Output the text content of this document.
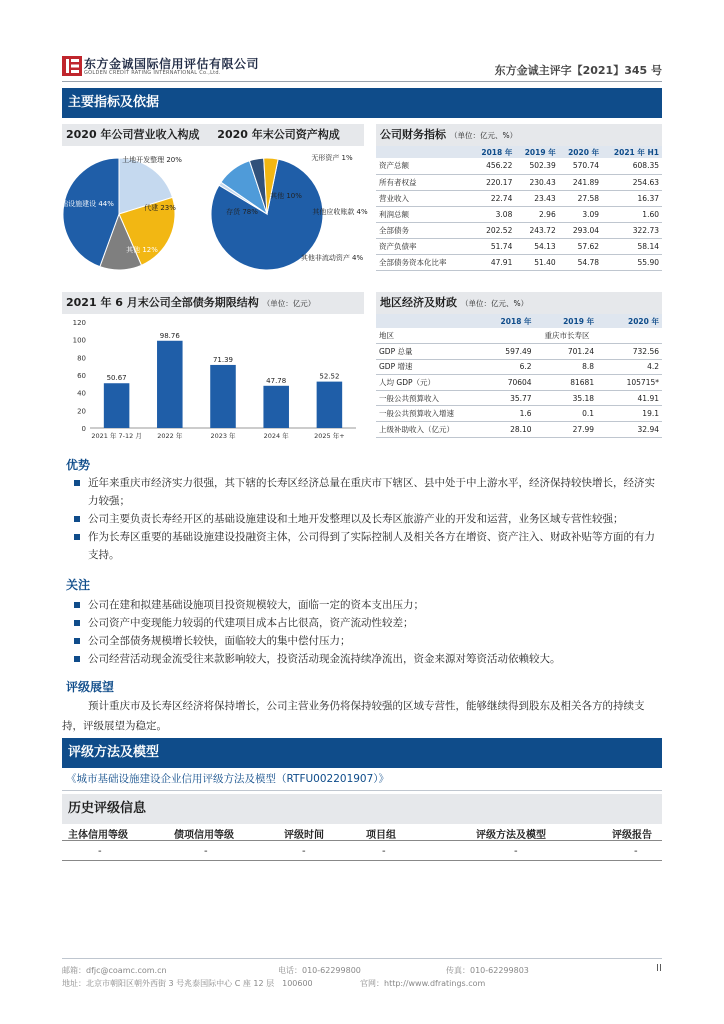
东方金诚国际信用评估有限公司
GOLDEN CREDIT RATING INTERNATIONAL Co.,Ltd.	东方金诚主评字【2021】345 号
主要指标及依据
2020 年公司营业收入构成 2020 年末公司资产构成
土地开发整理 20%
代建 23%
其他 12%
基础设施建设 44%
存货 78%
无形资产 1%
其他 10%
其他应收账款 4%
其他非流动资产 4%
公司财务指标 （单位：亿元、%）
	2018 年	2019 年	2020 年	2021 年 H1
资产总额	456.22	502.39	570.74	608.35
所有者权益	220.17	230.43	241.89	254.63
营业收入	22.74	23.43	27.58	16.37
利润总额	3.08	2.96	3.09	1.60
全部债务	202.52	243.72	293.04	322.73
资产负债率	51.74	54.13	57.62	58.14
全部债务资本化比率	47.91	51.40	54.78	55.90
2021 年 6 月末公司全部债务期限结构 （单位：亿元）
0
20
40
60
80
100
120
50.67
2021 年 7-12 月
98.76
2022 年
71.39
2023 年
47.78
2024 年
52.52
2025 年+
地区经济及财政 （单位：亿元、%）
	2018 年	2019 年	2020 年
地区	重庆市长寿区		
GDP 总量	597.49	701.24	732.56
GDP 增速	6.2	8.8	4.2
人均 GDP（元）	70604	81681	105715*
一般公共预算收入	35.77	35.18	41.91
一般公共预算收入增速	1.6	0.1	19.1
上级补助收入（亿元）	28.10	27.99	32.94
优势
近年来重庆市经济实力很强，其下辖的长寿区经济总量在重庆市下辖区、县中处于中上游水平，经济保持较快增长，经济实力较强；
公司主要负责长寿经开区的基础设施建设和土地开发整理以及长寿区旅游产业的开发和运营，业务区域专营性较强；
作为长寿区重要的基础设施建设投融资主体，公司得到了实际控制人及相关各方在增资、资产注入、财政补贴等方面的有力支持。
关注
公司在建和拟建基础设施项目投资规模较大，面临一定的资本支出压力；
公司资产中变现能力较弱的代建项目成本占比很高，资产流动性较差；
公司全部债务规模增长较快，面临较大的集中偿付压力；
公司经营活动现金流受往来款影响较大，投资活动现金流持续净流出，资金来源对筹资活动依赖较大。
评级展望
预计重庆市及长寿区经济将保持增长，公司主营业务仍将保持较强的区域专营性，能够继续得到股东及相关各方的持续支持，评级展望为稳定。
评级方法及模型
《城市基础设施建设企业信用评级方法及模型（RTFU002201907）》
历史评级信息
主体信用等级	债项信用等级	评级时间	项目组	评级方法及模型	评级报告
-	-	-	-	-	-
邮箱：dfjc@coamc.com.cn	电话：010-62299800	传真：010-62299803
地址：北京市朝阳区朝外西街 3 号兆泰国际中心 C 座 12 层　100600	官网：http://www.dfratings.com
II
